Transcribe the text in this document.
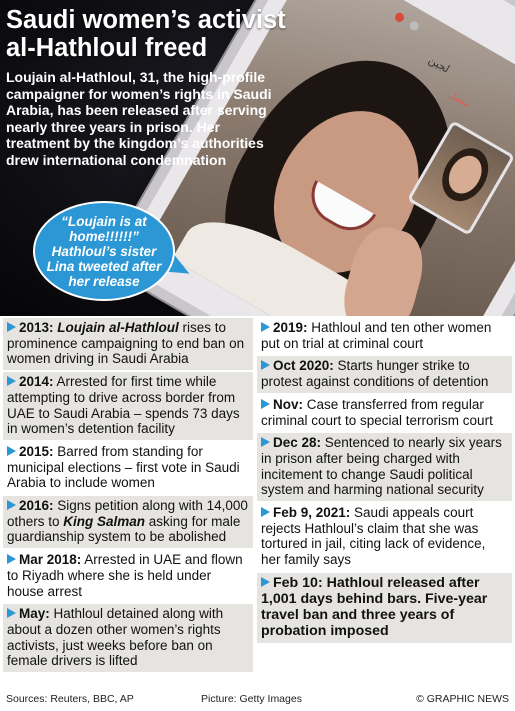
لجين
متصل
Saudi women’s activist al-Hathloul freed
Loujain al-Hathloul, 31, the high-profile campaigner for women’s rights in Saudi Arabia, has been released after serving nearly three years in prison. Her treatment by the kingdom’s authorities drew international condemnation
“Loujain is at home!!!!!!”
Hathloul’s sister Lina tweeted after her release
2013: Loujain al-Hathloul rises to prominence campaigning to end ban on women driving in Saudi Arabia
2014: Arrested for first time while attempting to drive across border from UAE to Saudi Arabia – spends 73 days in women’s detention facility
2015: Barred from standing for municipal elections – first vote in Saudi Arabia to include women
2016: Signs petition along with 14,000 others to King Salman asking for male guardianship system to be abolished
Mar 2018: Arrested in UAE and flown to Riyadh where she is held under house arrest
May: Hathloul detained along with about a dozen other women’s rights activists, just weeks before ban on female drivers is lifted
2019: Hathloul and ten other women put on trial at criminal court
Oct 2020: Starts hunger strike to protest against conditions of detention
Nov: Case transferred from regular criminal court to special terrorism court
Dec 28: Sentenced to nearly six years in prison after being charged with incitement to change Saudi political system and harming national security
Feb 9, 2021: Saudi appeals court rejects Hathloul’s claim that she was tortured in jail, citing lack of evidence, her family says
Feb 10: Hathloul released after 1,001 days behind bars. Five-year travel ban and three years of probation imposed
Sources: Reuters, BBC, AP	Picture: Getty Images	© GRAPHIC NEWS
